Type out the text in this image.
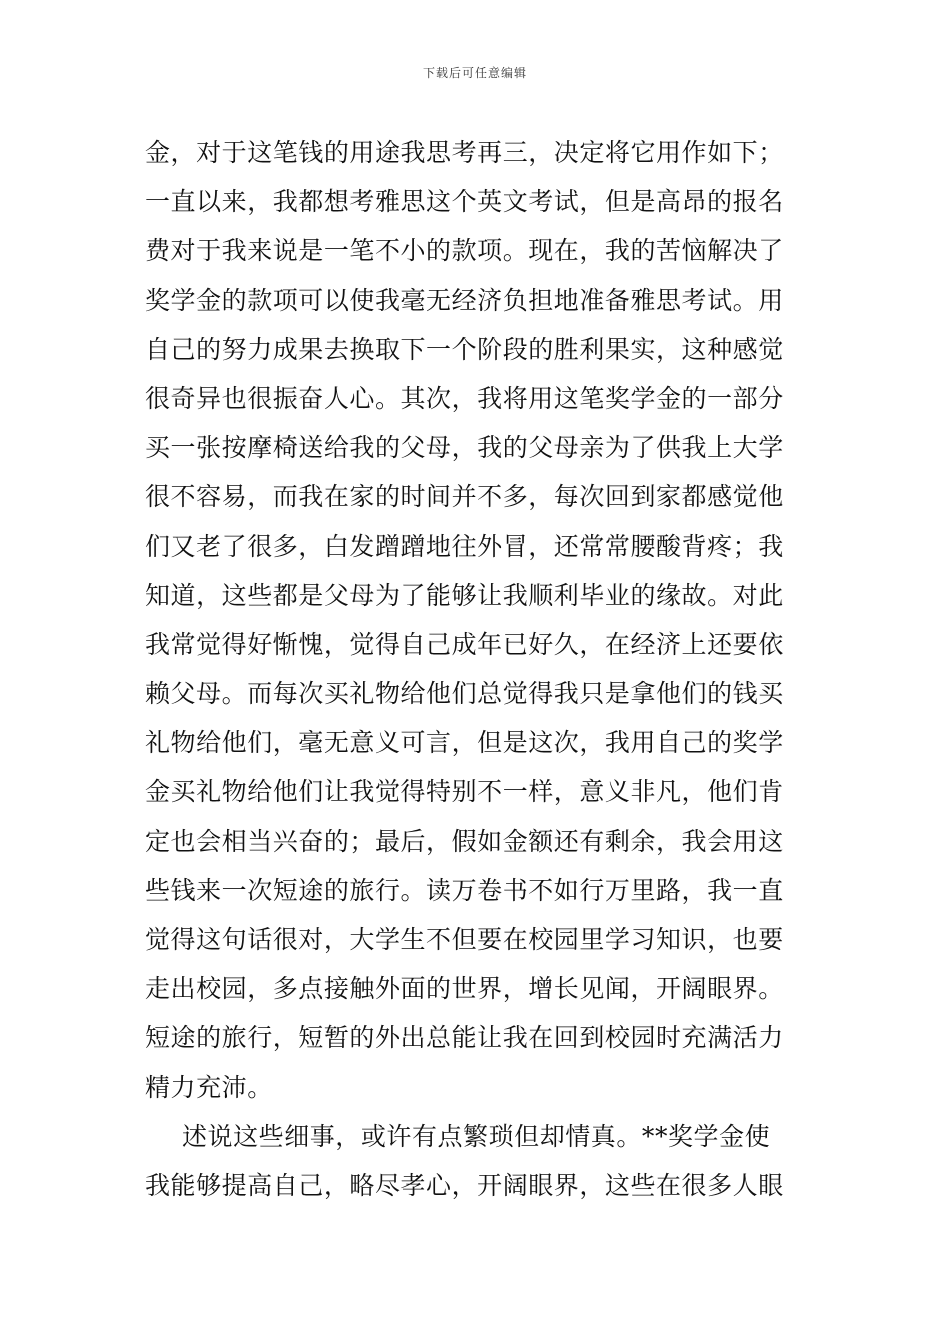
下载后可任意编辑
金，对于这笔钱的用途我思考再三，决定将它用作如下；
一直以来，我都想考雅思这个英文考试，但是高昂的报名
费对于我来说是一笔不小的款项。现在，我的苦恼解决了
奖学金的款项可以使我毫无经济负担地准备雅思考试。用
自己的努力成果去换取下一个阶段的胜利果实，这种感觉
很奇异也很振奋人心。其次，我将用这笔奖学金的一部分
买一张按摩椅送给我的父母，我的父母亲为了供我上大学
很不容易，而我在家的时间并不多，每次回到家都感觉他
们又老了很多，白发蹭蹭地往外冒，还常常腰酸背疼；我
知道，这些都是父母为了能够让我顺利毕业的缘故。对此
我常觉得好惭愧，觉得自己成年已好久，在经济上还要依
赖父母。而每次买礼物给他们总觉得我只是拿他们的钱买
礼物给他们，毫无意义可言，但是这次，我用自己的奖学
金买礼物给他们让我觉得特别不一样，意义非凡，他们肯
定也会相当兴奋的；最后，假如金额还有剩余，我会用这
些钱来一次短途的旅行。读万卷书不如行万里路，我一直
觉得这句话很对，大学生不但要在校园里学习知识，也要
走出校园，多点接触外面的世界，增长见闻，开阔眼界。
短途的旅行，短暂的外出总能让我在回到校园时充满活力
精力充沛。
述说这些细事，或许有点繁琐但却情真。**奖学金使
我能够提高自己，略尽孝心，开阔眼界，这些在很多人眼
